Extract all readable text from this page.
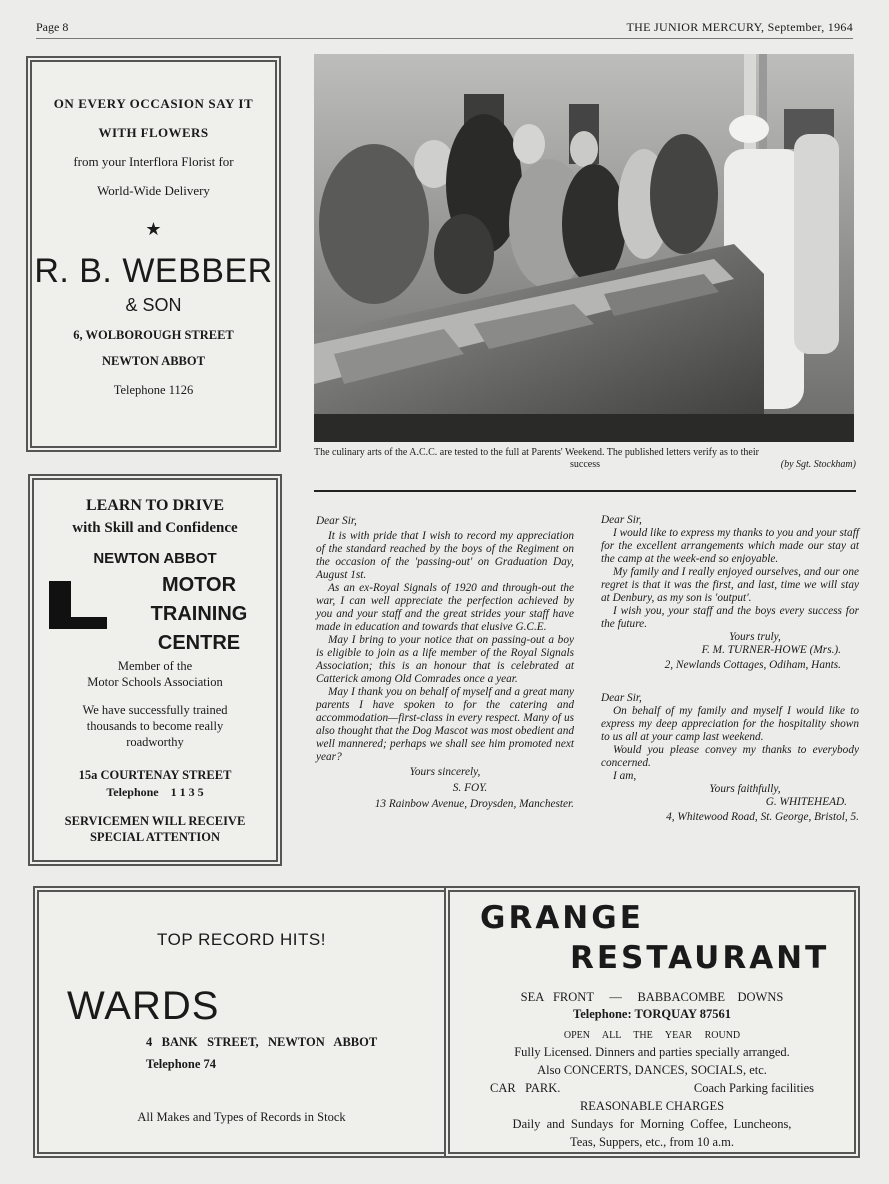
Page 8	THE JUNIOR MERCURY, September, 1964
ON EVERY OCCASION SAY IT
WITH FLOWERS
from your Interflora Florist for
World-Wide Delivery
★
R. B. WEBBER
& SON
6, WOLBOROUGH STREET
NEWTON ABBOT
Telephone 1126
The culinary arts of the A.C.C. are tested to the full at Parents' Weekend. The published letters verify as to their
success	(by Sgt. Stockham)
LEARN TO DRIVE
with Skill and Confidence
NEWTON ABBOT
MOTOR
TRAINING
CENTRE
Member of the
Motor Schools Association
We have successfully trained
thousands to become really
roadworthy
15a COURTENAY STREET
Telephone    1 1 3 5
SERVICEMEN WILL RECEIVE
SPECIAL ATTENTION

Dear Sir,

It is with pride that I wish to record my appreciation of the standard reached by the boys of the Regiment on the occasion of the 'passing-out' on Graduation Day, August 1st.

As an ex-Royal Signals of 1920 and through-out the war, I can well appreciate the perfection achieved by you and your staff and the great strides your staff have made in education and towards that elusive G.C.E.

May I bring to your notice that on passing-out a boy is eligible to join as a life member of the Royal Signals Association; this is an honour that is celebrated at Catterick among Old Comrades once a year.

May I thank you on behalf of myself and a great many parents I have spoken to for the catering and accommodation—first-class in every respect. Many of us also thought that the Dog Mascot was most obedient and well mannered; perhaps we shall see him promoted next year?

Yours sincerely,

S. FOY.

13 Rainbow Avenue, Droysden, Manchester.

Dear Sir,

I would like to express my thanks to you and your staff for the excellent arrangements which made our stay at the camp at the week-end so enjoyable.

My family and I really enjoyed ourselves, and our one regret is that it was the first, and last, time we will stay at Denbury, as my son is 'output'.

I wish you, your staff and the boys every success for the future.

Yours truly,

F. M. TURNER-HOWE (Mrs.).

2, Newlands Cottages, Odiham, Hants.

Dear Sir,

On behalf of my family and myself I would like to express my deep appreciation for the hospitality shown to us all at your camp last weekend.

Would you please convey my thanks to everybody concerned.

I am,

Yours faithfully,

G. WHITEHEAD.

4, Whitewood Road, St. George, Bristol, 5.

TOP RECORD HITS!
WARDS
4   BANK   STREET,   NEWTON   ABBOT
Telephone 74
All Makes and Types of Records in Stock
GRANGE
RESTAURANT
SEA   FRONT     —     BABBACOMBE    DOWNS
Telephone: TORQUAY 87561
OPEN     ALL     THE     YEAR     ROUND
Fully Licensed. Dinners and parties specially arranged.
Also CONCERTS, DANCES, SOCIALS, etc.
CAR   PARK.	Coach Parking facilities
REASONABLE CHARGES
Daily  and  Sundays  for  Morning  Coffee,  Luncheons,
Teas, Suppers, etc., from 10 a.m.
